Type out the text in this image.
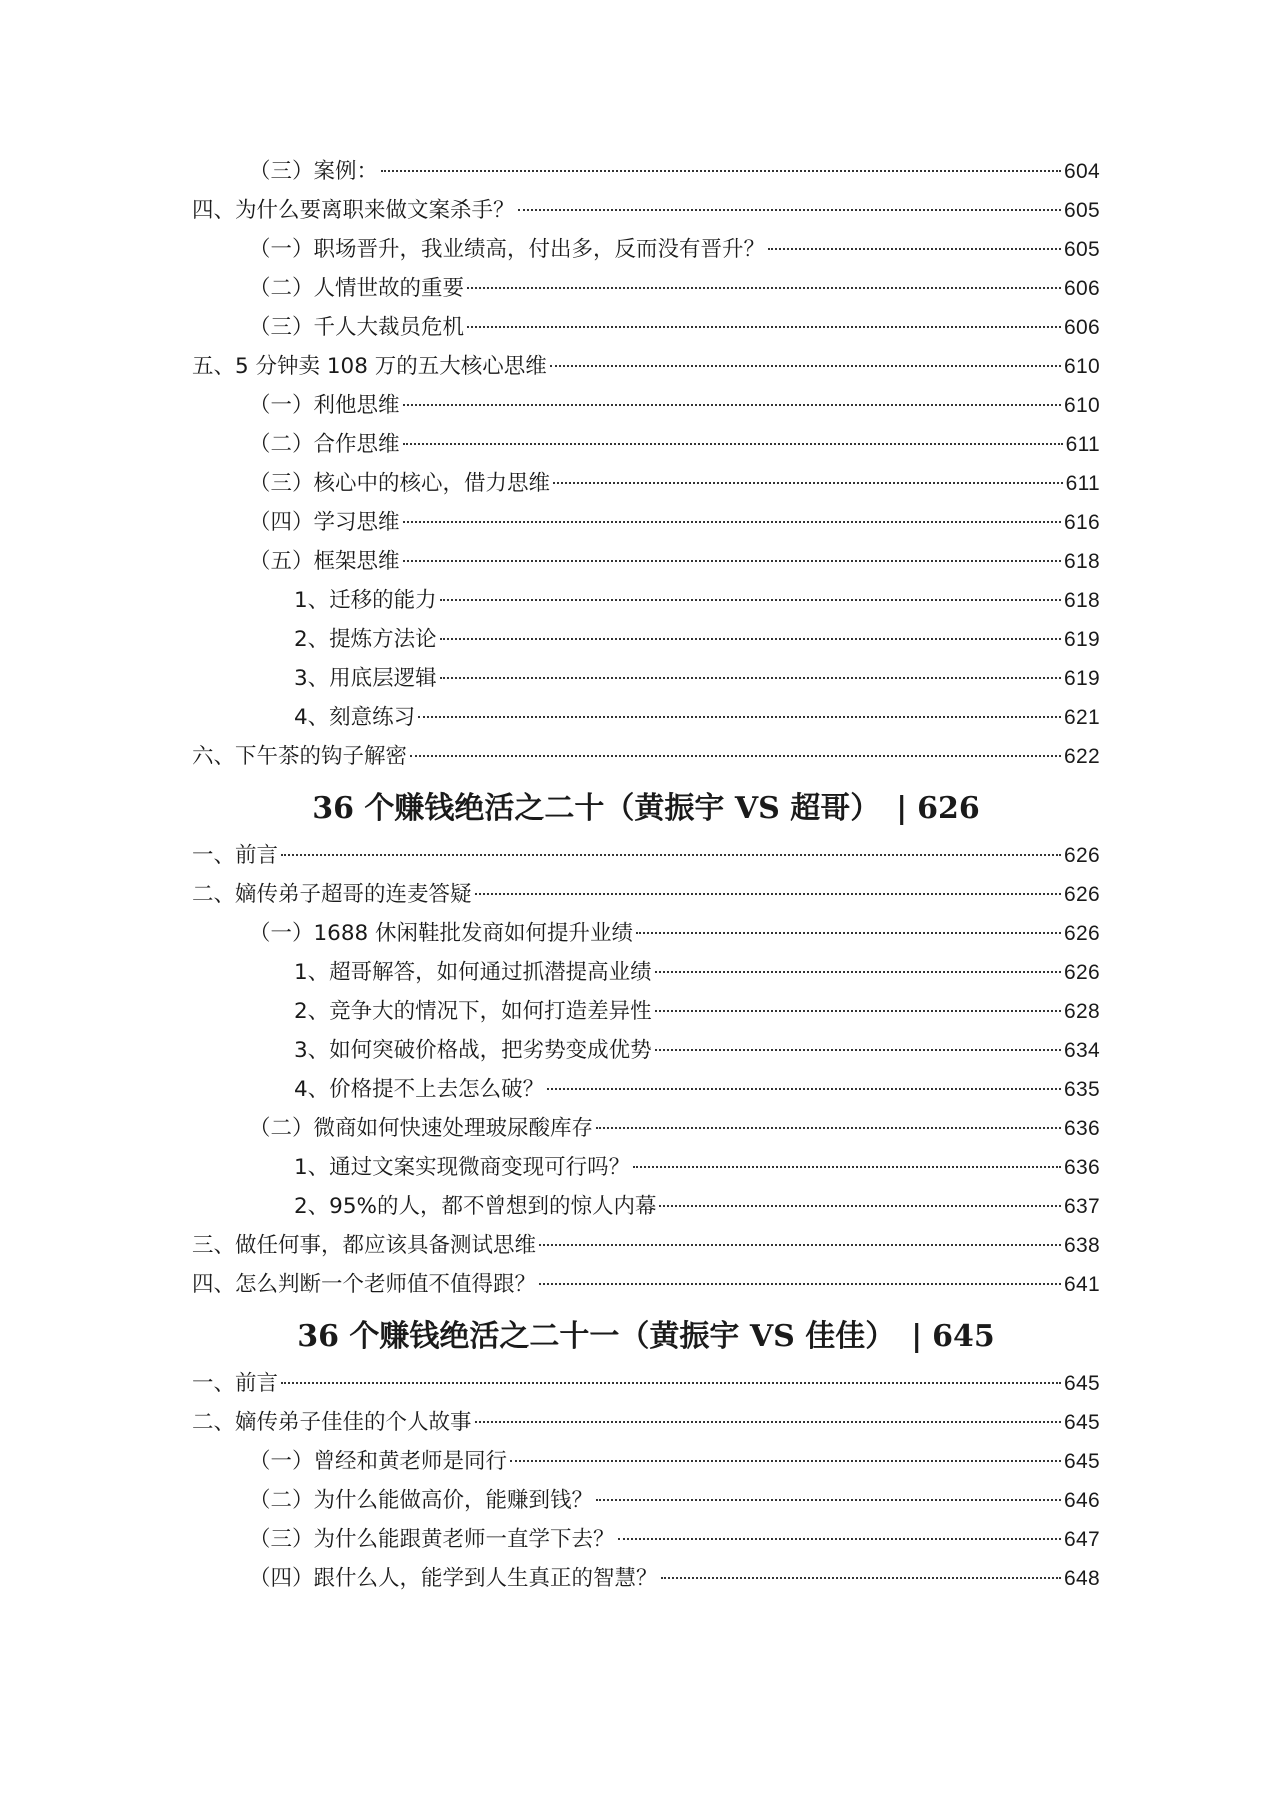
（三）案例：	604
四、为什么要离职来做文案杀手？	605
（一）职场晋升，我业绩高，付出多，反而没有晋升？	605
（二）人情世故的重要	606
（三）千人大裁员危机	606
五、5 分钟卖 108 万的五大核心思维	610
（一）利他思维	610
（二）合作思维	611
（三）核心中的核心，借力思维	611
（四）学习思维	616
（五）框架思维	618
1、迁移的能力	618
2、提炼方法论	619
3、用底层逻辑	619
4、刻意练习	621
六、下午茶的钩子解密	622
36 个赚钱绝活之二十（黄振宇 VS 超哥） | 626
一、前言	626
二、嫡传弟子超哥的连麦答疑	626
（一）1688 休闲鞋批发商如何提升业绩	626
1、超哥解答，如何通过抓潜提高业绩	626
2、竞争大的情况下，如何打造差异性	628
3、如何突破价格战，把劣势变成优势	634
4、价格提不上去怎么破？	635
（二）微商如何快速处理玻尿酸库存	636
1、通过文案实现微商变现可行吗？	636
2、95%的人，都不曾想到的惊人内幕	637
三、做任何事，都应该具备测试思维	638
四、怎么判断一个老师值不值得跟？	641
36 个赚钱绝活之二十一（黄振宇 VS 佳佳） | 645
一、前言	645
二、嫡传弟子佳佳的个人故事	645
（一）曾经和黄老师是同行	645
（二）为什么能做高价，能赚到钱？	646
（三）为什么能跟黄老师一直学下去？	647
（四）跟什么人，能学到人生真正的智慧？	648
